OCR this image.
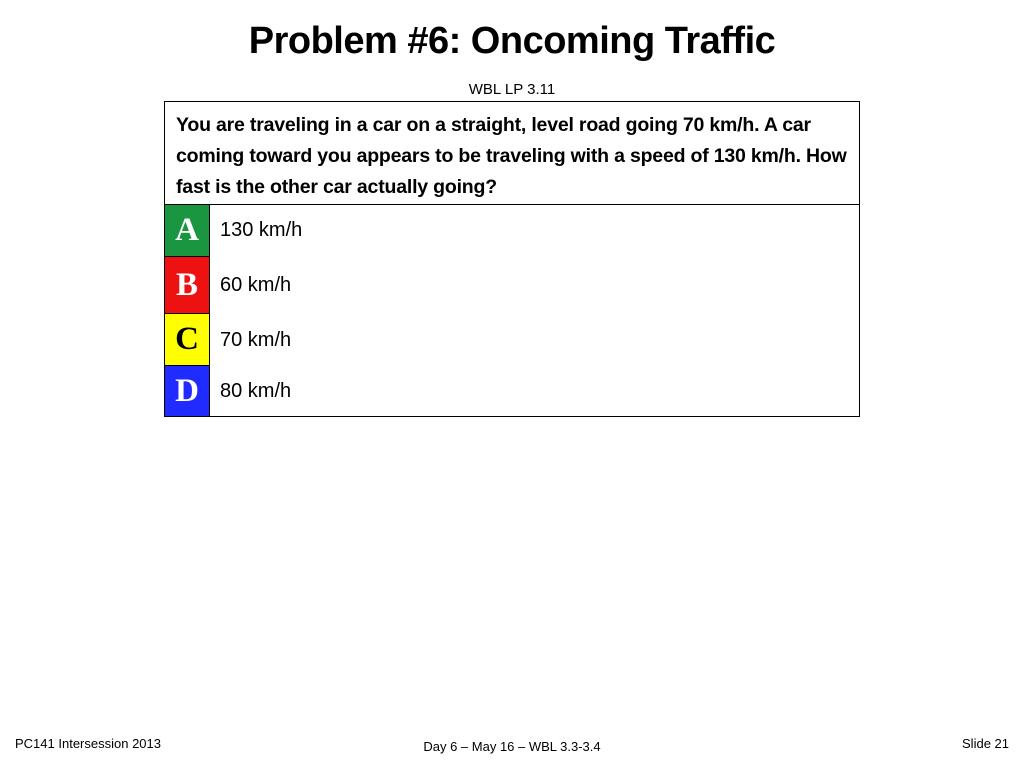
Problem #6: Oncoming Traffic
WBL LP 3.11
You are traveling in a car on a straight, level road going 70 km/h. A car coming toward you appears to be traveling with a speed of 130 km/h. How fast is the other car actually going?
A	130 km/h
B	60 km/h
C	70 km/h
D	80 km/h
PC141 Intersession 2013	Day 6 – May 16 – WBL 3.3-3.4	Slide 21
